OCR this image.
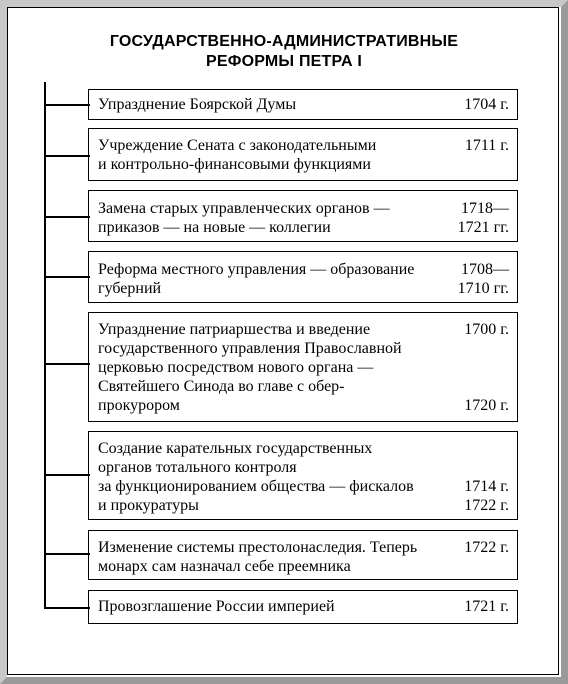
ГОСУДАРСТВЕННО-АДМИНИСТРАТИВНЫЕ
РЕФОРМЫ ПЕТРА I
Упразднение Боярской Думы	1704 г.
Учреждение Сената с законодательными
и контрольно-финансовыми функциями
1711 г.
Замена старых управленческих органов —
приказов — на новые — коллегии
1718—
1721 гг.
Реформа местного управления — образование
губерний
1708—
1710 гг.
Упразднение патриаршества и введение
государственного управления Православной
церковью посредством нового органа —
Святейшего Синода во главе с обер-
прокурором
1700 г.
1720 г.
Создание карательных государственных
органов тотального контроля
за функционированием общества — фискалов
и прокуратуры
1714 г.
1722 г.
Изменение системы престолонаследия. Теперь
монарх сам назначал себе преемника
1722 г.
Провозглашение России империей	1721 г.
